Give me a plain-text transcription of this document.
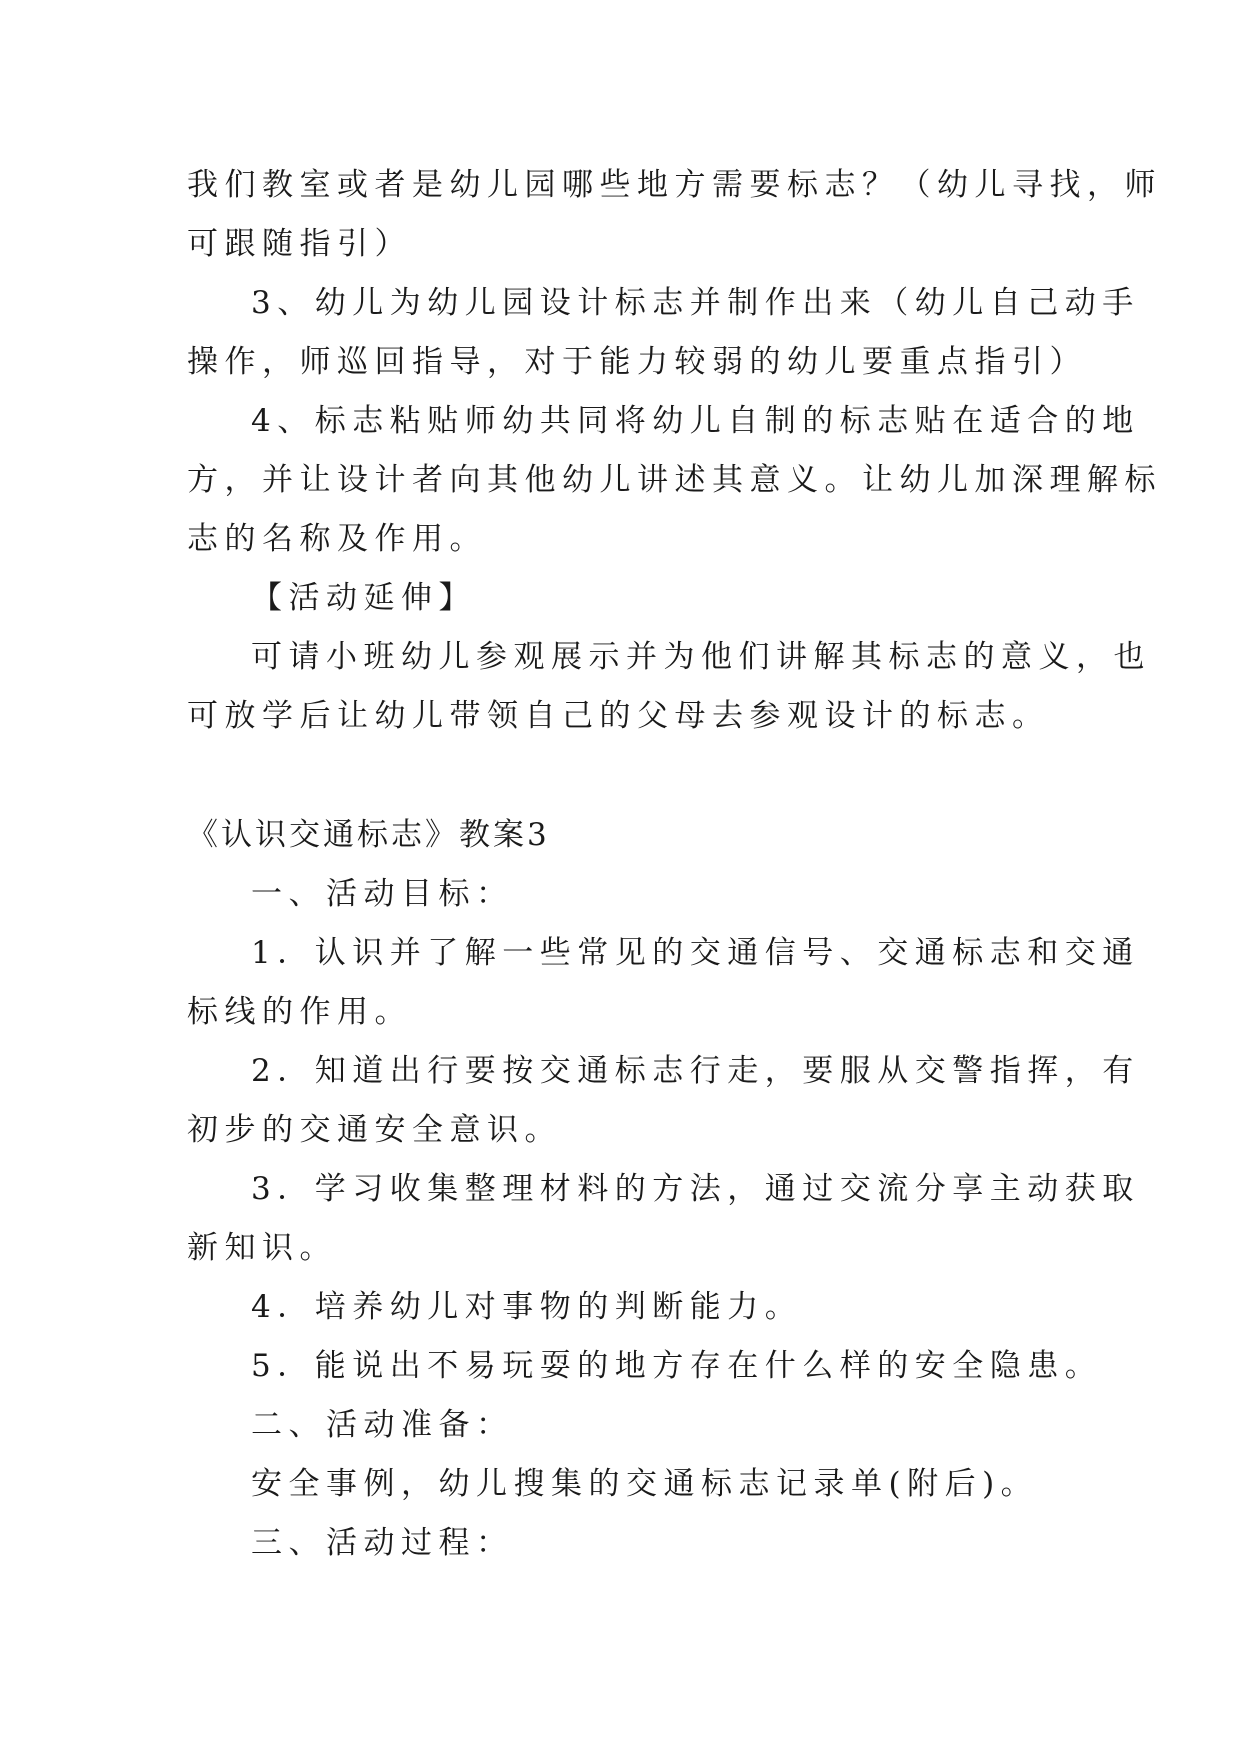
我们教室或者是幼儿园哪些地方需要标志？（幼儿寻找，师
可跟随指引）
3、幼儿为幼儿园设计标志并制作出来（幼儿自己动手
操作，师巡回指导，对于能力较弱的幼儿要重点指引）
4、标志粘贴师幼共同将幼儿自制的标志贴在适合的地
方，并让设计者向其他幼儿讲述其意义。让幼儿加深理解标
志的名称及作用。
【活动延伸】
可请小班幼儿参观展示并为他们讲解其标志的意义，也
可放学后让幼儿带领自己的父母去参观设计的标志。
《认识交通标志》教案3
一、活动目标：
1．认识并了解一些常见的交通信号、交通标志和交通
标线的作用。
2．知道出行要按交通标志行走，要服从交警指挥，有
初步的交通安全意识。
3．学习收集整理材料的方法，通过交流分享主动获取
新知识。
4．培养幼儿对事物的判断能力。
5．能说出不易玩耍的地方存在什么样的安全隐患。
二、活动准备：
安全事例，幼儿搜集的交通标志记录单(附后)。
三、活动过程：
